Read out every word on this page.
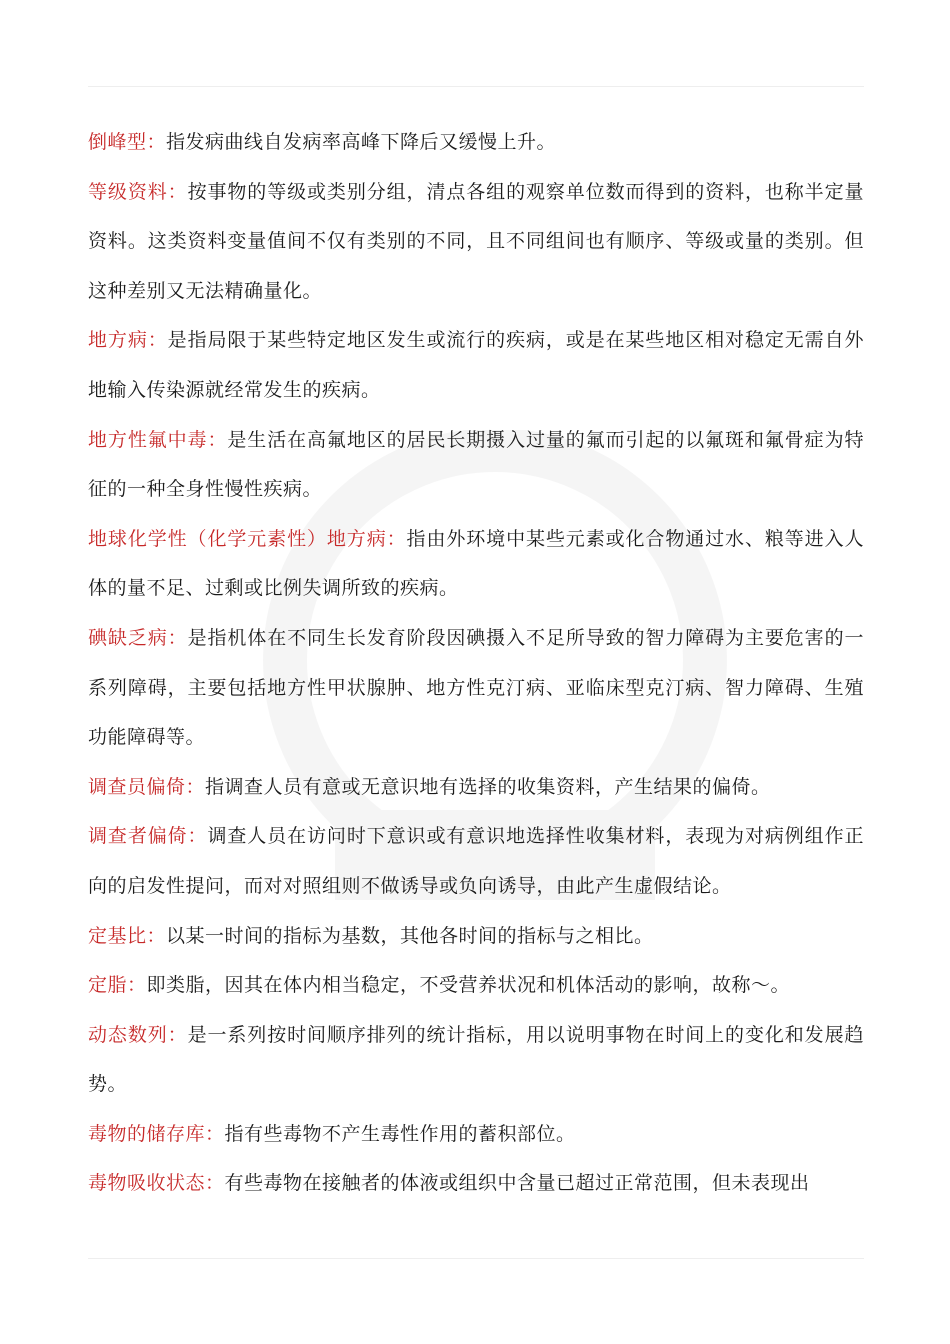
倒峰型：指发病曲线自发病率高峰下降后又缓慢上升。

等级资料：按事物的等级或类别分组，清点各组的观察单位数而得到的资料，也称半定量资料。这类资料变量值间不仅有类别的不同，且不同组间也有顺序、等级或量的类别。但这种差别又无法精确量化。

地方病：是指局限于某些特定地区发生或流行的疾病，或是在某些地区相对稳定无需自外地输入传染源就经常发生的疾病。

地方性氟中毒：是生活在高氟地区的居民长期摄入过量的氟而引起的以氟斑和氟骨症为特征的一种全身性慢性疾病。

地球化学性（化学元素性）地方病：指由外环境中某些元素或化合物通过水、粮等进入人体的量不足、过剩或比例失调所致的疾病。

碘缺乏病：是指机体在不同生长发育阶段因碘摄入不足所导致的智力障碍为主要危害的一系列障碍，主要包括地方性甲状腺肿、地方性克汀病、亚临床型克汀病、智力障碍、生殖功能障碍等。

调查员偏倚：指调查人员有意或无意识地有选择的收集资料，产生结果的偏倚。

调查者偏倚：调查人员在访问时下意识或有意识地选择性收集材料，表现为对病例组作正向的启发性提问，而对对照组则不做诱导或负向诱导，由此产生虚假结论。

定基比：以某一时间的指标为基数，其他各时间的指标与之相比。

定脂：即类脂，因其在体内相当稳定，不受营养状况和机体活动的影响，故称～。

动态数列：是一系列按时间顺序排列的统计指标，用以说明事物在时间上的变化和发展趋势。

毒物的储存库：指有些毒物不产生毒性作用的蓄积部位。

毒物吸收状态：有些毒物在接触者的体液或组织中含量已超过正常范围，但未表现出
